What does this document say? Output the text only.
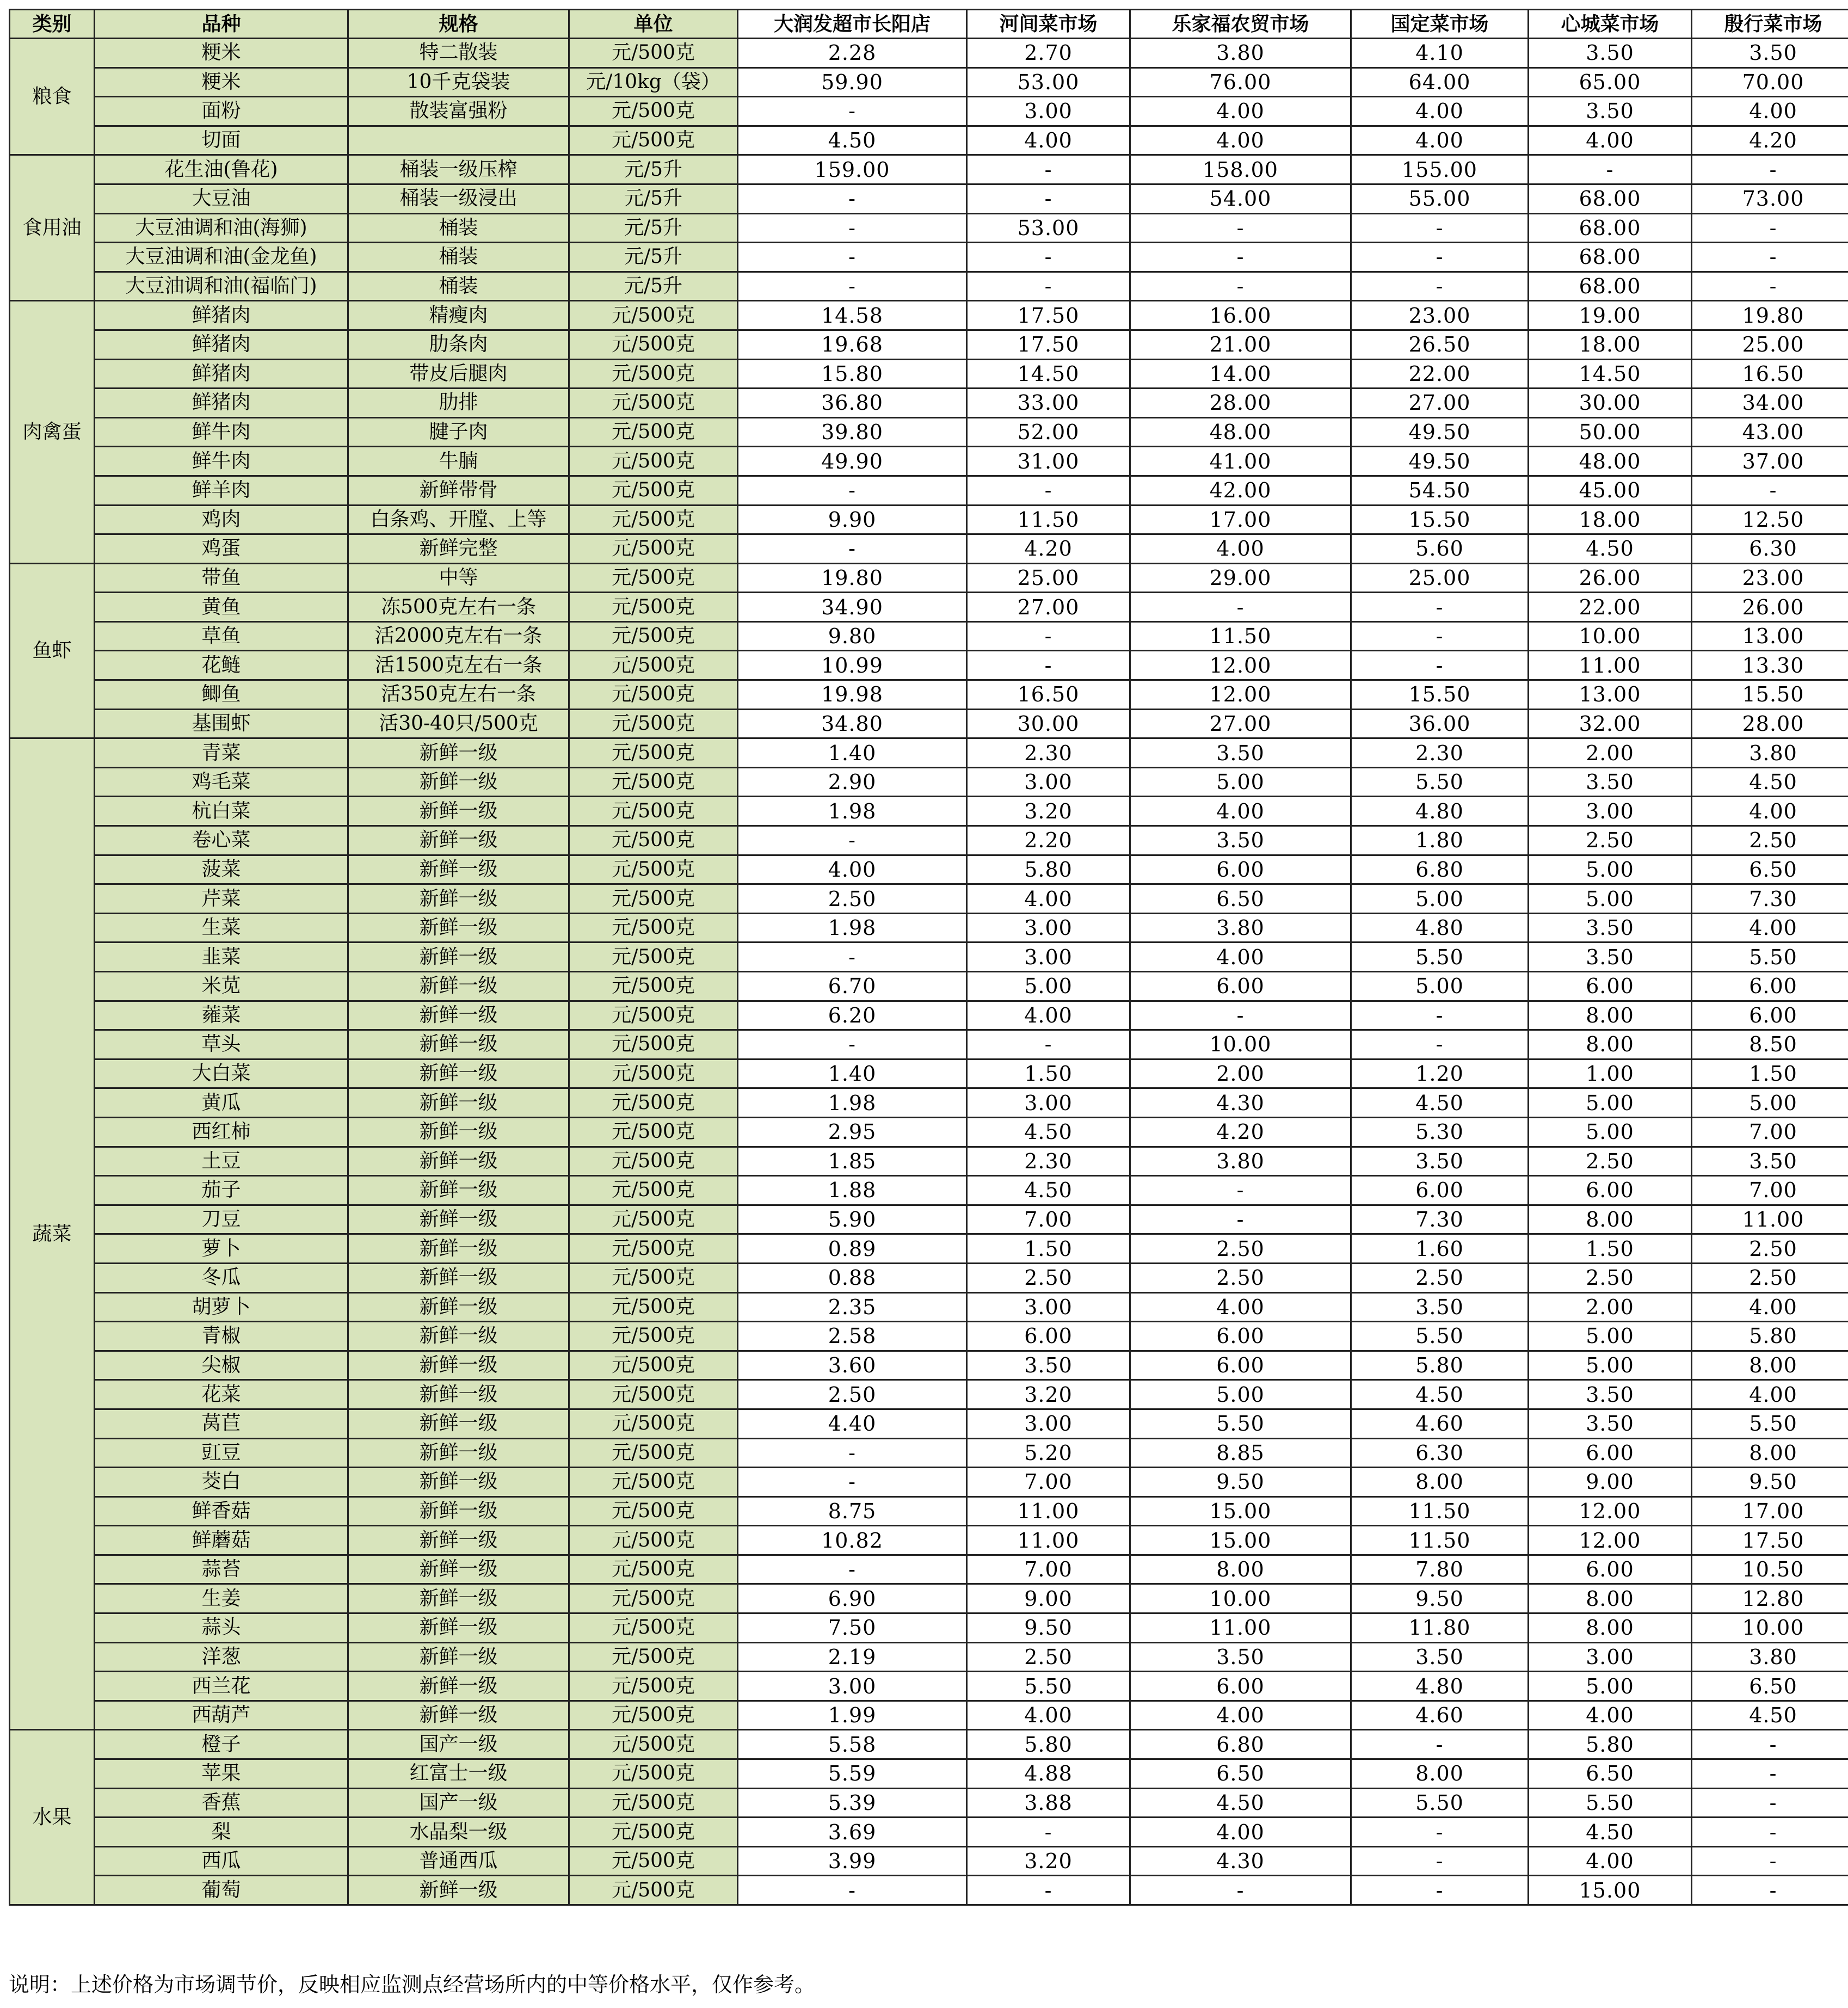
类别	品种	规格	单位	大润发超市长阳店	河间菜市场	乐家福农贸市场	国定菜市场	心城菜市场	殷行菜市场
粮食	粳米	特二散装	元/500克	2.28	2.70	3.80	4.10	3.50	3.50
	粳米	10千克袋装	元/10kg（袋）	59.90	53.00	76.00	64.00	65.00	70.00
	面粉	散装富强粉	元/500克	-	3.00	4.00	4.00	3.50	4.00
	切面		元/500克	4.50	4.00	4.00	4.00	4.00	4.20
食用油	花生油(鲁花)	桶装一级压榨	元/5升	159.00	-	158.00	155.00	-	-
	大豆油	桶装一级浸出	元/5升	-	-	54.00	55.00	68.00	73.00
	大豆油调和油(海狮)	桶装	元/5升	-	53.00	-	-	68.00	-
	大豆油调和油(金龙鱼)	桶装	元/5升	-	-	-	-	68.00	-
	大豆油调和油(福临门)	桶装	元/5升	-	-	-	-	68.00	-
肉禽蛋	鲜猪肉	精瘦肉	元/500克	14.58	17.50	16.00	23.00	19.00	19.80
	鲜猪肉	肋条肉	元/500克	19.68	17.50	21.00	26.50	18.00	25.00
	鲜猪肉	带皮后腿肉	元/500克	15.80	14.50	14.00	22.00	14.50	16.50
	鲜猪肉	肋排	元/500克	36.80	33.00	28.00	27.00	30.00	34.00
	鲜牛肉	腱子肉	元/500克	39.80	52.00	48.00	49.50	50.00	43.00
	鲜牛肉	牛腩	元/500克	49.90	31.00	41.00	49.50	48.00	37.00
	鲜羊肉	新鲜带骨	元/500克	-	-	42.00	54.50	45.00	-
	鸡肉	白条鸡、开膛、上等	元/500克	9.90	11.50	17.00	15.50	18.00	12.50
	鸡蛋	新鲜完整	元/500克	-	4.20	4.00	5.60	4.50	6.30
鱼虾	带鱼	中等	元/500克	19.80	25.00	29.00	25.00	26.00	23.00
	黄鱼	冻500克左右一条	元/500克	34.90	27.00	-	-	22.00	26.00
	草鱼	活2000克左右一条	元/500克	9.80	-	11.50	-	10.00	13.00
	花鲢	活1500克左右一条	元/500克	10.99	-	12.00	-	11.00	13.30
	鲫鱼	活350克左右一条	元/500克	19.98	16.50	12.00	15.50	13.00	15.50
	基围虾	活30-40只/500克	元/500克	34.80	30.00	27.00	36.00	32.00	28.00
蔬菜	青菜	新鲜一级	元/500克	1.40	2.30	3.50	2.30	2.00	3.80
	鸡毛菜	新鲜一级	元/500克	2.90	3.00	5.00	5.50	3.50	4.50
	杭白菜	新鲜一级	元/500克	1.98	3.20	4.00	4.80	3.00	4.00
	卷心菜	新鲜一级	元/500克	-	2.20	3.50	1.80	2.50	2.50
	菠菜	新鲜一级	元/500克	4.00	5.80	6.00	6.80	5.00	6.50
	芹菜	新鲜一级	元/500克	2.50	4.00	6.50	5.00	5.00	7.30
	生菜	新鲜一级	元/500克	1.98	3.00	3.80	4.80	3.50	4.00
	韭菜	新鲜一级	元/500克	-	3.00	4.00	5.50	3.50	5.50
	米苋	新鲜一级	元/500克	6.70	5.00	6.00	5.00	6.00	6.00
	蕹菜	新鲜一级	元/500克	6.20	4.00	-	-	8.00	6.00
	草头	新鲜一级	元/500克	-	-	10.00	-	8.00	8.50
	大白菜	新鲜一级	元/500克	1.40	1.50	2.00	1.20	1.00	1.50
	黄瓜	新鲜一级	元/500克	1.98	3.00	4.30	4.50	5.00	5.00
	西红柿	新鲜一级	元/500克	2.95	4.50	4.20	5.30	5.00	7.00
	土豆	新鲜一级	元/500克	1.85	2.30	3.80	3.50	2.50	3.50
	茄子	新鲜一级	元/500克	1.88	4.50	-	6.00	6.00	7.00
	刀豆	新鲜一级	元/500克	5.90	7.00	-	7.30	8.00	11.00
	萝卜	新鲜一级	元/500克	0.89	1.50	2.50	1.60	1.50	2.50
	冬瓜	新鲜一级	元/500克	0.88	2.50	2.50	2.50	2.50	2.50
	胡萝卜	新鲜一级	元/500克	2.35	3.00	4.00	3.50	2.00	4.00
	青椒	新鲜一级	元/500克	2.58	6.00	6.00	5.50	5.00	5.80
	尖椒	新鲜一级	元/500克	3.60	3.50	6.00	5.80	5.00	8.00
	花菜	新鲜一级	元/500克	2.50	3.20	5.00	4.50	3.50	4.00
	莴苣	新鲜一级	元/500克	4.40	3.00	5.50	4.60	3.50	5.50
	豇豆	新鲜一级	元/500克	-	5.20	8.85	6.30	6.00	8.00
	茭白	新鲜一级	元/500克	-	7.00	9.50	8.00	9.00	9.50
	鲜香菇	新鲜一级	元/500克	8.75	11.00	15.00	11.50	12.00	17.00
	鲜蘑菇	新鲜一级	元/500克	10.82	11.00	15.00	11.50	12.00	17.50
	蒜苔	新鲜一级	元/500克	-	7.00	8.00	7.80	6.00	10.50
	生姜	新鲜一级	元/500克	6.90	9.00	10.00	9.50	8.00	12.80
	蒜头	新鲜一级	元/500克	7.50	9.50	11.00	11.80	8.00	10.00
	洋葱	新鲜一级	元/500克	2.19	2.50	3.50	3.50	3.00	3.80
	西兰花	新鲜一级	元/500克	3.00	5.50	6.00	4.80	5.00	6.50
	西葫芦	新鲜一级	元/500克	1.99	4.00	4.00	4.60	4.00	4.50
水果	橙子	国产一级	元/500克	5.58	5.80	6.80	-	5.80	-
	苹果	红富士一级	元/500克	5.59	4.88	6.50	8.00	6.50	-
	香蕉	国产一级	元/500克	5.39	3.88	4.50	5.50	5.50	-
	梨	水晶梨一级	元/500克	3.69	-	4.00	-	4.50	-
	西瓜	普通西瓜	元/500克	3.99	3.20	4.30	-	4.00	-
	葡萄	新鲜一级	元/500克	-	-	-	-	15.00	-
说明：上述价格为市场调节价，反映相应监测点经营场所内的中等价格水平，仅作参考。
